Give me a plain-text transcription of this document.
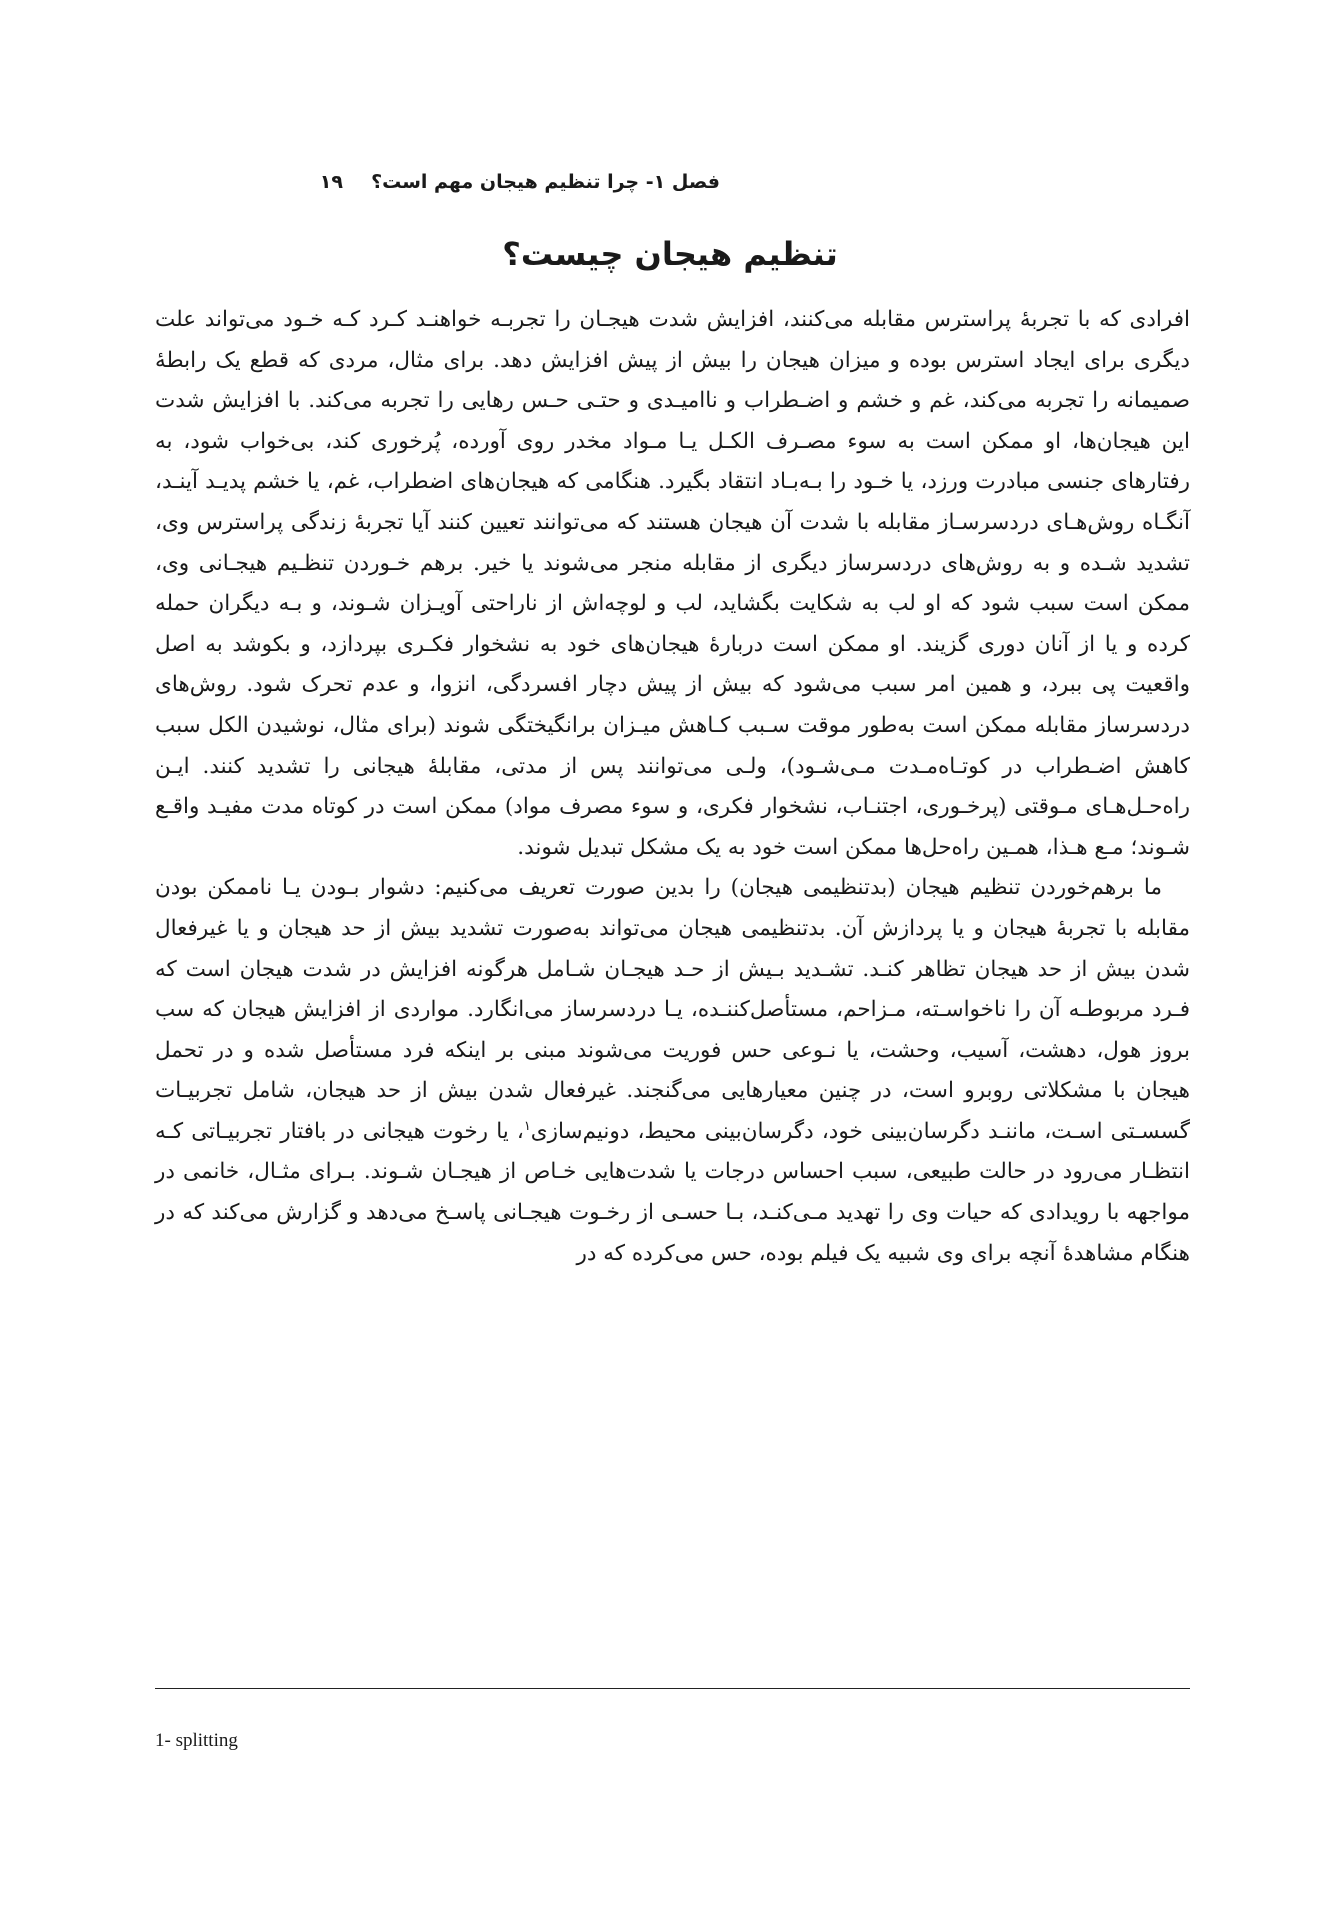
فصل ۱- چرا تنظیم هیجان مهم است؟
۱۹
تنظیم هیجان چیست؟

افرادی که با تجربهٔ پراسترس مقابله می‌کنند، افزایش شدت هیجـان را تجربـه خواهنـد کـرد کـه خـود می‌تواند علت دیگری برای ایجاد استرس بوده و میزان هیجان را بیش از پیش افزایش دهد. برای مثال، مردی که قطع یک رابطهٔ صمیمانه را تجربه می‌کند، غم و خشم و اضـطراب و ناامیـدی و حتـی حـس رهایی را تجربه می‌کند. با افزایش شدت این هیجان‌ها، او ممکن است به سوء مصـرف الکـل یـا مـواد مخدر روی آورده، پُرخوری کند، بی‌خواب شود، به رفتارهای جنسی مبادرت ورزد، یا خـود را بـه‌بـاد انتقاد بگیرد. هنگامی که هیجان‌های اضطراب، غم، یا خشم پدیـد آینـد، آنگـاه روش‌هـای دردسرسـاز مقابله با شدت آن هیجان هستند که می‌توانند تعیین کنند آیا تجربهٔ زندگی پراسترس وی، تشدید شـده و به روش‌های دردسرساز دیگری از مقابله منجر می‌شوند یا خیر. برهم خـوردن تنظـیم هیجـانی وی، ممکن است سبب شود که او لب به شکایت بگشاید، لب و لوچه‌اش از ناراحتی آویـزان شـوند، و بـه دیگران حمله کرده و یا از آنان دوری گزیند. او ممکن است دربارهٔ هیجان‌های خود به نشخوار فکـری بپردازد، و بکوشد به اصل واقعیت پی ببرد، و همین امر سبب می‌شود که بیش از پیش دچار افسردگی، انزوا، و عدم تحرک شود. روش‌های دردسرساز مقابله ممکن است به‌طور موقت سـبب کـاهش میـزان برانگیختگی شوند (برای مثال، نوشیدن الکل سبب کاهش اضـطراب در کوتـاه‌مـدت مـی‌شـود)، ولـی می‌توانند پس از مدتی، مقابلهٔ هیجانی را تشدید کنند. ایـن راه‌حـل‌هـای مـوقتی (پرخـوری، اجتنـاب، نشخوار فکری، و سوء مصرف مواد) ممکن است در کوتاه مدت مفیـد واقـع شـوند؛ مـع هـذا، همـین راه‌حل‌ها ممکن است خود به یک مشکل تبدیل شوند.

ما برهم‌خوردن تنظیم هیجان (بدتنظیمی هیجان) را بدین صورت تعریف می‌کنیم: دشوار بـودن یـا ناممکن بودن مقابله با تجربهٔ هیجان و یا پردازش آن. بدتنظیمی هیجان می‌تواند به‌صورت تشدید بیش از حد هیجان و یا غیرفعال شدن بیش از حد هیجان تظاهر کنـد. تشـدید بـیش از حـد هیجـان شـامل هرگونه افزایش در شدت هیجان است که فـرد مربوطـه آن را ناخواسـته، مـزاحم، مستأصل‌کننـده، یـا دردسرساز می‌انگارد. مواردی از افزایش هیجان که سب بروز هول، دهشت، آسیب، وحشت، یا نـوعی حس فوریت می‌شوند مبنی بر اینکه فرد مستأصل شده و در تحمل هیجان با مشکلاتی روبرو است، در چنین معیارهایی می‌گنجند. غیرفعال شدن بیش از حد هیجان، شامل تجربیـات گسسـتی اسـت، ماننـد دگرسان‌بینی خود، دگرسان‌بینی محیط، دونیم‌سازی$^۱$، یا رخوت هیجانی در بافتار تجربیـاتی کـه انتظـار می‌رود در حالت طبیعی، سبب احساس درجات یا شدت‌هایی خـاص از هیجـان شـوند. بـرای مثـال، خانمی در مواجهه با رویدادی که حیات وی را تهدید مـی‌کنـد، بـا حسـی از رخـوت هیجـانی پاسـخ می‌دهد و گزارش می‌کند که در هنگام مشاهدهٔ آنچه برای وی شبیه یک فیلم بوده، حس می‌کرده که در

1- splitting
